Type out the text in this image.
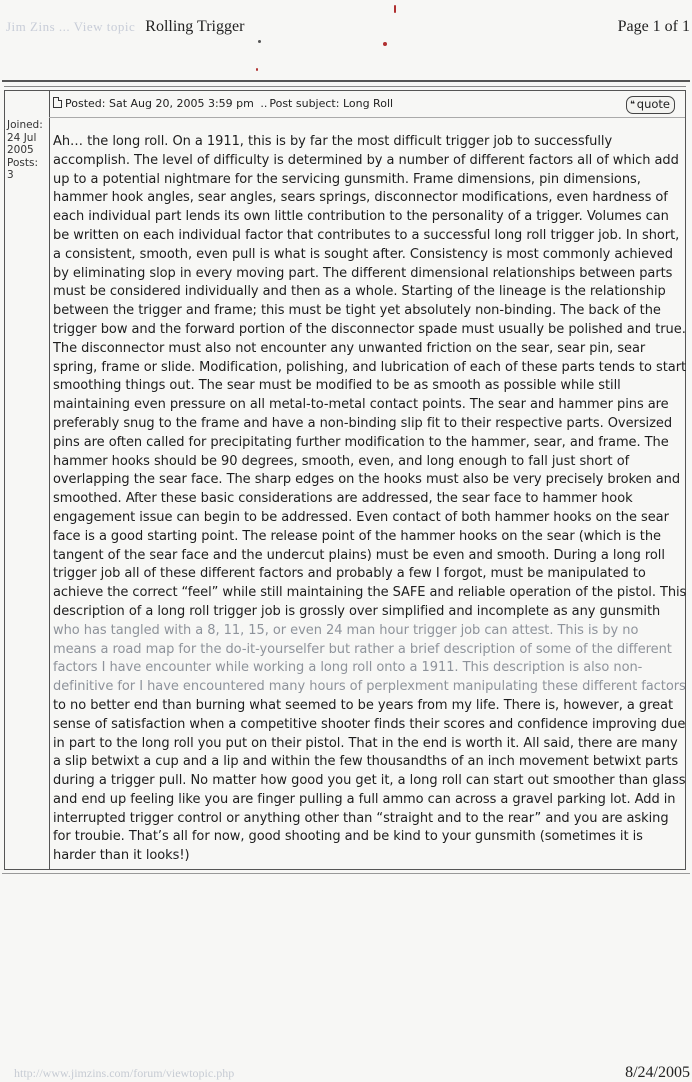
Jim Zins ... View topic Rolling Trigger	Page 1 of 1
Joined:
24 Jul
2005
Posts:
3
Posted: Sat Aug 20, 2005 3:59 pm .. Post subject: Long Roll	❝ quote
Ah… the long roll. On a 1911, this is by far the most difficult trigger job to successfully
accomplish. The level of difficulty is determined by a number of different factors all of which add
up to a potential nightmare for the servicing gunsmith. Frame dimensions, pin dimensions,
hammer hook angles, sear angles, sears springs, disconnector modifications, even hardness of
each individual part lends its own little contribution to the personality of a trigger. Volumes can
be written on each individual factor that contributes to a successful long roll trigger job. In short,
a consistent, smooth, even pull is what is sought after. Consistency is most commonly achieved
by eliminating slop in every moving part. The different dimensional relationships between parts
must be considered individually and then as a whole. Starting of the lineage is the relationship
between the trigger and frame; this must be tight yet absolutely non-binding. The back of the
trigger bow and the forward portion of the disconnector spade must usually be polished and true.
The disconnector must also not encounter any unwanted friction on the sear, sear pin, sear
spring, frame or slide. Modification, polishing, and lubrication of each of these parts tends to start
smoothing things out. The sear must be modified to be as smooth as possible while still
maintaining even pressure on all metal-to-metal contact points. The sear and hammer pins are
preferably snug to the frame and have a non-binding slip fit to their respective parts. Oversized
pins are often called for precipitating further modification to the hammer, sear, and frame. The
hammer hooks should be 90 degrees, smooth, even, and long enough to fall just short of
overlapping the sear face. The sharp edges on the hooks must also be very precisely broken and
smoothed. After these basic considerations are addressed, the sear face to hammer hook
engagement issue can begin to be addressed. Even contact of both hammer hooks on the sear
face is a good starting point. The release point of the hammer hooks on the sear (which is the
tangent of the sear face and the undercut plains) must be even and smooth. During a long roll
trigger job all of these different factors and probably a few I forgot, must be manipulated to
achieve the correct “feel” while still maintaining the SAFE and reliable operation of the pistol. This
description of a long roll trigger job is grossly over simplified and incomplete as any gunsmith
who has tangled with a 8, 11, 15, or even 24 man hour trigger job can attest. This is by no
means a road map for the do-it-yourselfer but rather a brief description of some of the different
factors I have encounter while working a long roll onto a 1911. This description is also non-
definitive for I have encountered many hours of perplexment manipulating these different factors
to no better end than burning what seemed to be years from my life. There is, however, a great
sense of satisfaction when a competitive shooter finds their scores and confidence improving due
in part to the long roll you put on their pistol. That in the end is worth it. All said, there are many
a slip betwixt a cup and a lip and within the few thousandths of an inch movement betwixt parts
during a trigger pull. No matter how good you get it, a long roll can start out smoother than glass
and end up feeling like you are finger pulling a full ammo can across a gravel parking lot. Add in
interrupted trigger control or anything other than “straight and to the rear” and you are asking
for troubie. That’s all for now, good shooting and be kind to your gunsmith (sometimes it is
harder than it looks!)
http://www.jimzins.com/forum/viewtopic.php	8/24/2005
